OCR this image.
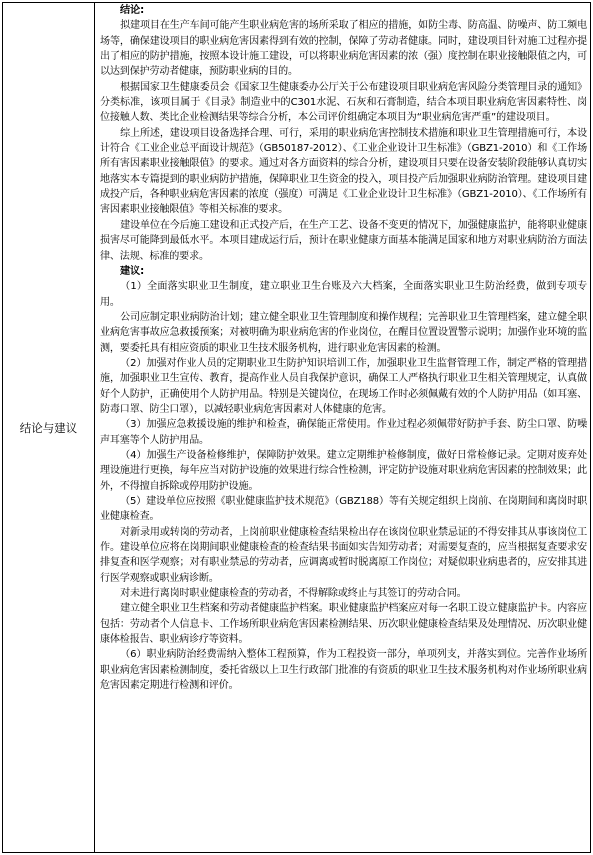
结论与建议
结论:

拟建项目在生产车间可能产生职业病危害的场所采取了相应的措施，如防尘毒、防高温、防噪声、防工频电场等，确保建设项目的职业病危害因素得到有效的控制，保障了劳动者健康。同时，建设项目针对施工过程亦提出了相应的防护措施，按照本设计施工建设，可以将职业病危害因素的浓（强）度控制在职业接触限值之内，可以达到保护劳动者健康，预防职业病的目的。

根据国家卫生健康委员会《国家卫生健康委办公厅关于公布建设项目职业病危害风险分类管理目录的通知》分类标准，该项目属于《目录》制造业中的C301水泥、石灰和石膏制造，结合本项目职业病危害因素特性、岗位接触人数、类比企业检测结果等综合分析，本公司评价组确定本项目为“职业病危害严重”的建设项目。

综上所述，建设项目设备选择合理、可行，采用的职业病危害控制技术措施和职业卫生管理措施可行，本设计符合《工业企业总平面设计规范》（GB50187-2012）、《工业企业设计卫生标准》（GBZ1-2010）和《工作场所有害因素职业接触限值》的要求。通过对各方面资料的综合分析，建设项目只要在设备安装阶段能够认真切实地落实本专篇提到的职业病防护措施，保障职业卫生资金的投入，项目投产后加强职业病防治管理。建设项目建成投产后，各种职业病危害因素的浓度（强度）可满足《工业企业设计卫生标准》（GBZ1-2010）、《工作场所有害因素职业接触限值》等相关标准的要求。

建设单位在今后施工建设和正式投产后，在生产工艺、设备不变更的情况下，加强健康监护，能将职业健康损害尽可能降到最低水平。本项目建成运行后，预计在职业健康方面基本能满足国家和地方对职业病防治方面法律、法规、标准的要求。

建议:

（1）全面落实职业卫生制度，建立职业卫生台账及六大档案，全面落实职业卫生防治经费，做到专项专用。

公司应制定职业病防治计划；建立健全职业卫生管理制度和操作规程；完善职业卫生管理档案，建立健全职业病危害事故应急救援预案；对被明确为职业病危害的作业岗位，在醒目位置设置警示说明；加强作业环境的监测，要委托具有相应资质的职业卫生技术服务机构，进行职业危害因素的检测。

（2）加强对作业人员的定期职业卫生防护知识培训工作，加强职业卫生监督管理工作，制定严格的管理措施，加强职业卫生宣传、教育，提高作业人员自我保护意识，确保工人严格执行职业卫生相关管理规定，认真做好个人防护，正确使用个人防护用品。特别是关键岗位，在现场工作时必须佩戴有效的个人防护用品（如耳塞、防毒口罩、防尘口罩），以减轻职业病危害因素对人体健康的危害。

（3）加强应急救援设施的维护和检查，确保能正常使用。作业过程必须佩带好防护手套、防尘口罩、防噪声耳塞等个人防护用品。

（4）加强生产设备检修维护，保障防护效果。建立定期维护检修制度，做好日常检修记录。定期对废弃处理设施进行更换，每年应当对防护设施的效果进行综合性检测，评定防护设施对职业病危害因素的控制效果；此外，不得擅自拆除或停用防护设施。

（5）建设单位应按照《职业健康监护技术规范》（GBZ188）等有关规定组织上岗前、在岗期间和离岗时职业健康检查。

对新录用或转岗的劳动者，上岗前职业健康检查结果检出存在该岗位职业禁忌证的不得安排其从事该岗位工作。建设单位应将在岗期间职业健康检查的检查结果书面如实告知劳动者；对需要复查的，应当根据复查要求安排复查和医学观察；对有职业禁忌的劳动者，应调离或暂时脱离原工作岗位；对疑似职业病患者的，应安排其进行医学观察或职业病诊断。

对未进行离岗时职业健康检查的劳动者，不得解除或终止与其签订的劳动合同。

建立健全职业卫生档案和劳动者健康监护档案。职业健康监护档案应对每一名职工设立健康监护卡。内容应包括：劳动者个人信息卡、工作场所职业病危害因素检测结果、历次职业健康检查结果及处理情况、历次职业健康体检报告、职业病诊疗等资料。

（6）职业病防治经费需纳入整体工程预算，作为工程投资一部分，单项列支，并落实到位。完善作业场所职业病危害因素检测制度，委托省级以上卫生行政部门批准的有资质的职业卫生技术服务机构对作业场所职业病危害因素定期进行检测和评价。
